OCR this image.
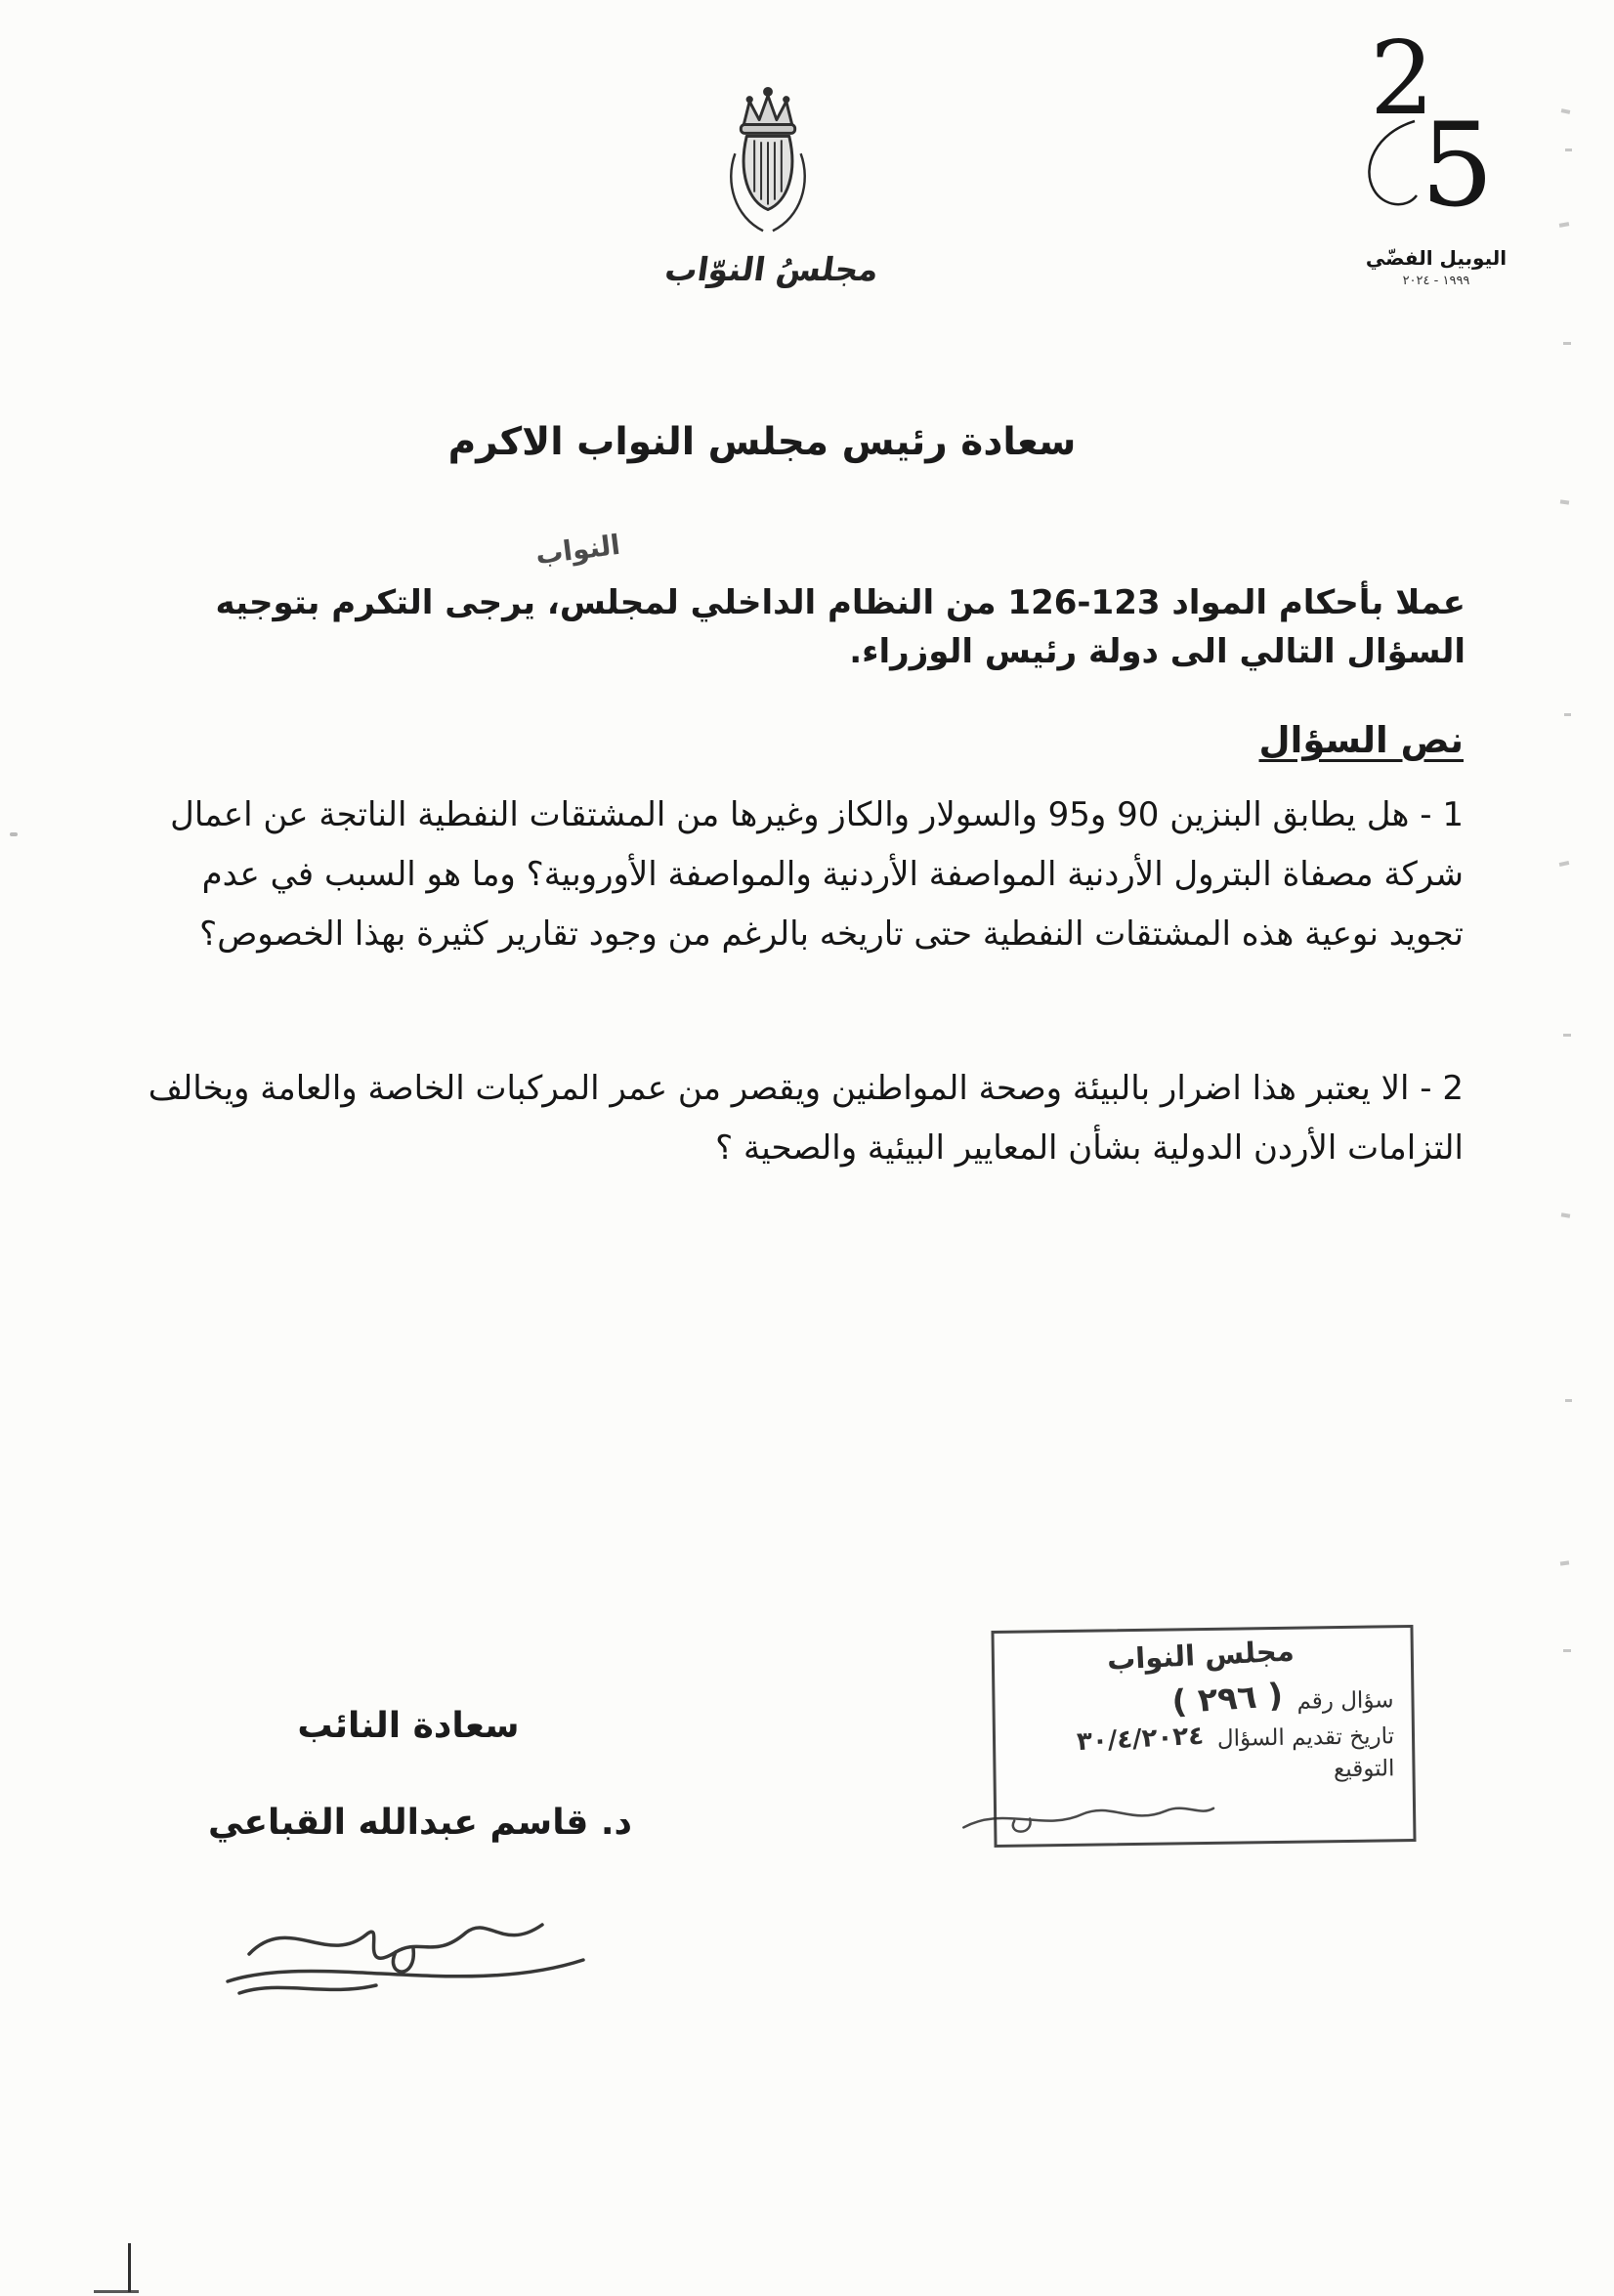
مجلسُ النوّاب
2
5
اليوبيل الفضّي
١٩٩٩ - ٢٠٢٤
سعادة رئيس مجلس النواب الاكرم
النواب
عملا بأحكام المواد 123-126 من النظام الداخلي لمجلس، يرجى التكرم بتوجيه السؤال التالي الى دولة رئيس الوزراء.
نص السؤال
1 - هل يطابق البنزين 90 و95 والسولار والكاز وغيرها من المشتقات النفطية الناتجة عن اعمال شركة مصفاة البترول الأردنية المواصفة الأردنية والمواصفة الأوروبية؟ وما هو السبب في عدم تجويد نوعية هذه المشتقات النفطية حتى تاريخه بالرغم من وجود تقارير كثيرة بهذا الخصوص؟
2 - الا يعتبر هذا اضرار بالبيئة وصحة المواطنين ويقصر من عمر المركبات الخاصة والعامة ويخالف التزامات الأردن الدولية بشأن المعايير البيئية والصحية ؟
سعادة النائب
د. قاسم عبدالله القباعي
مجلس النواب
سؤال رقم
( ٢٩٦ )
تاريخ تقديم السؤال
٣٠/٤/٢٠٢٤
التوقيع
